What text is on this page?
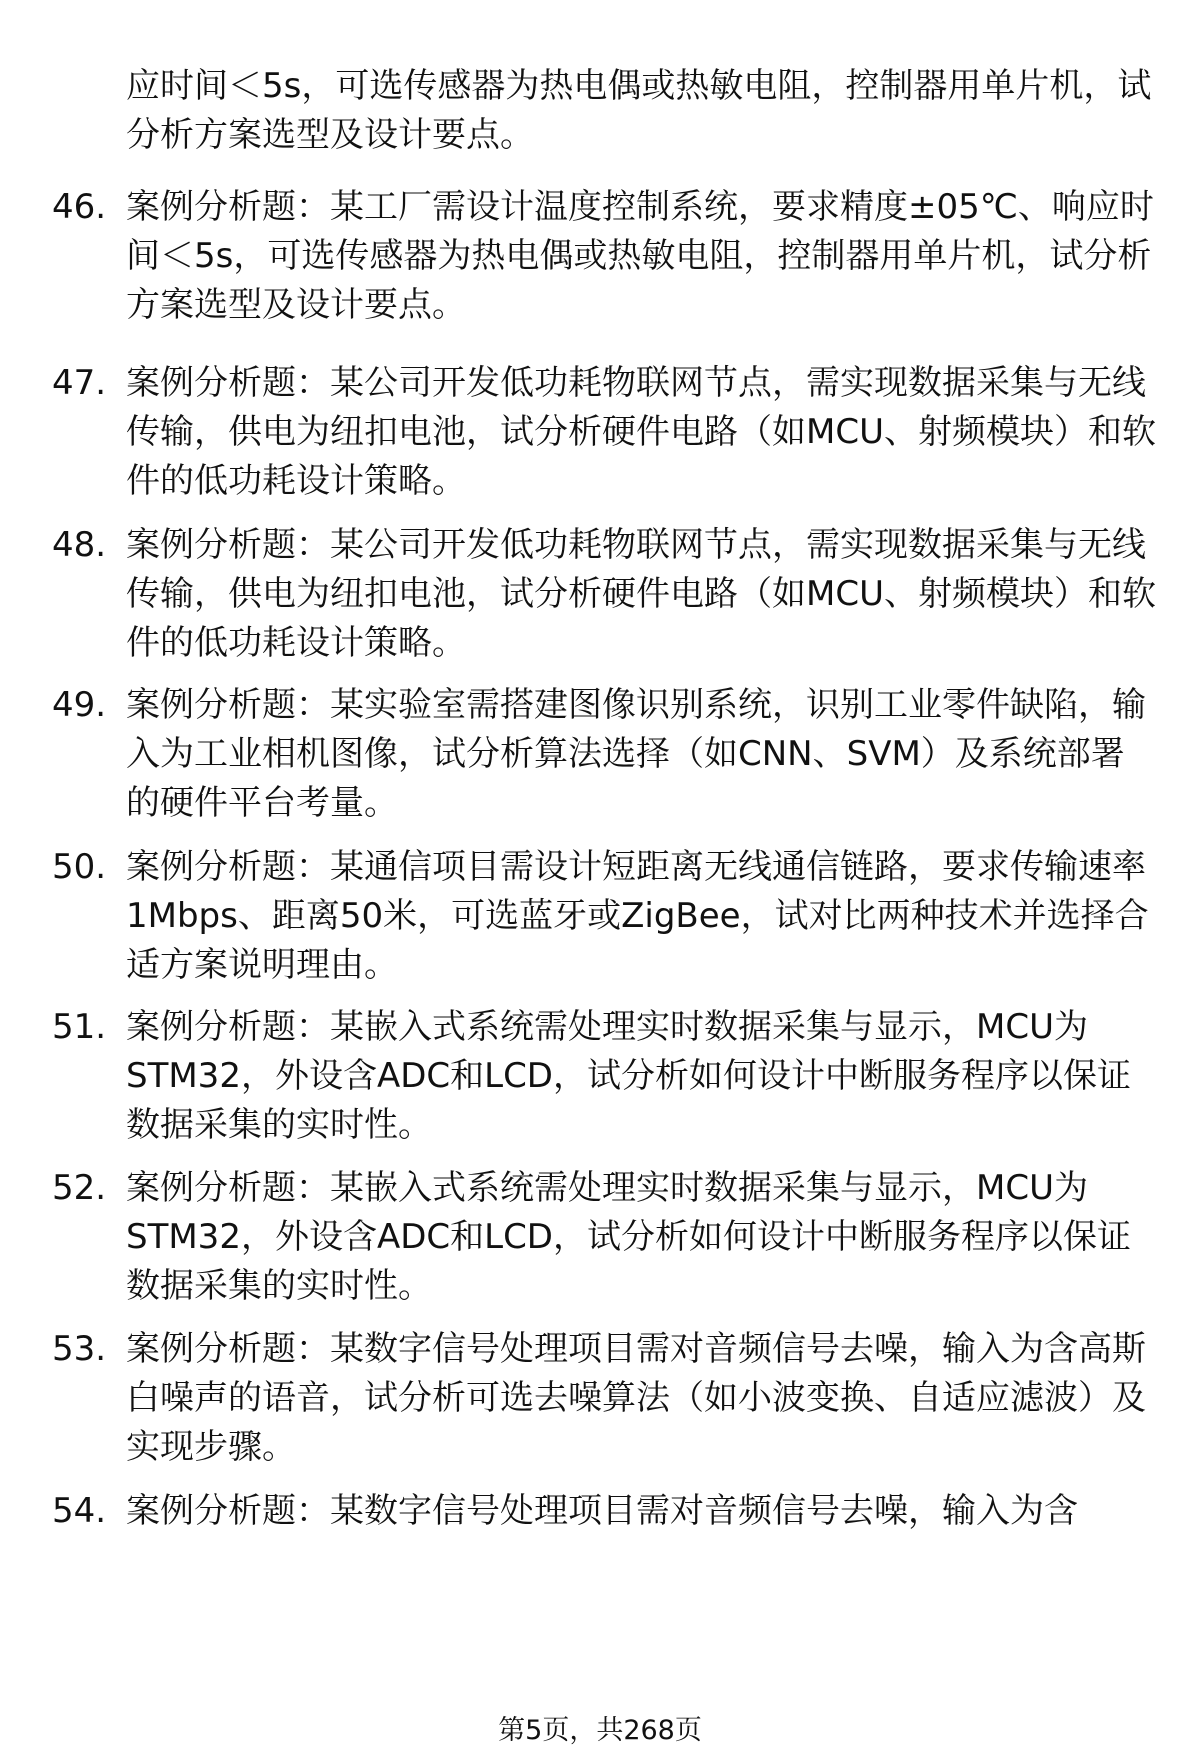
应时间＜5s，可选传感器为热电偶或热敏电阻，控制器用单片机，试分析方案选型及设计要点。

46. 案例分析题：某工厂需设计温度控制系统，要求精度±05℃、响应时间＜5s，可选传感器为热电偶或热敏电阻，控制器用单片机，试分析方案选型及设计要点。

47. 案例分析题：某公司开发低功耗物联网节点，需实现数据采集与无线传输，供电为纽扣电池，试分析硬件电路（如MCU、射频模块）和软件的低功耗设计策略。

48. 案例分析题：某公司开发低功耗物联网节点，需实现数据采集与无线传输，供电为纽扣电池，试分析硬件电路（如MCU、射频模块）和软件的低功耗设计策略。

49. 案例分析题：某实验室需搭建图像识别系统，识别工业零件缺陷，输入为工业相机图像，试分析算法选择（如CNN、SVM）及系统部署的硬件平台考量。

50. 案例分析题：某通信项目需设计短距离无线通信链路，要求传输速率1Mbps、距离50米，可选蓝牙或ZigBee，试对比两种技术并选择合适方案说明理由。

51. 案例分析题：某嵌入式系统需处理实时数据采集与显示，MCU为STM32，外设含ADC和LCD，试分析如何设计中断服务程序以保证数据采集的实时性。

52. 案例分析题：某嵌入式系统需处理实时数据采集与显示，MCU为STM32，外设含ADC和LCD，试分析如何设计中断服务程序以保证数据采集的实时性。

53. 案例分析题：某数字信号处理项目需对音频信号去噪，输入为含高斯白噪声的语音，试分析可选去噪算法（如小波变换、自适应滤波）及实现步骤。

54. 案例分析题：某数字信号处理项目需对音频信号去噪，输入为含

第5页，共268页
